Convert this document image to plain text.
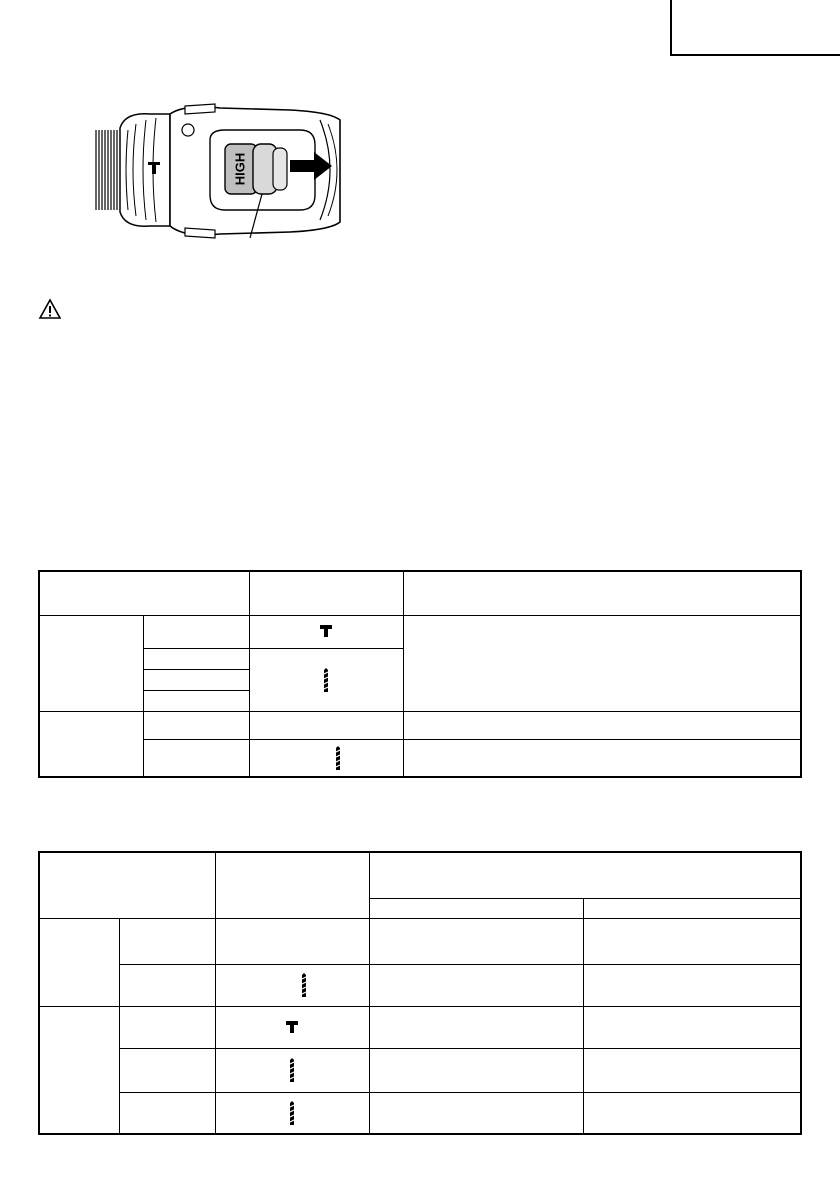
HIGH
